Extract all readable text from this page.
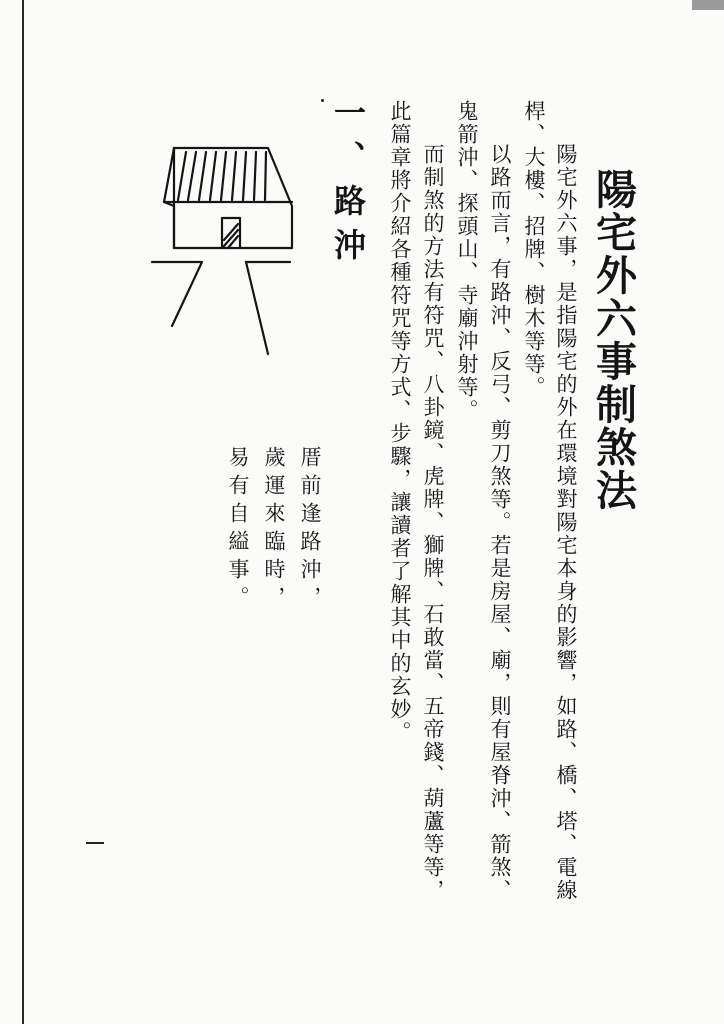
陽宅外六事制煞法
陽宅外六事，是指陽宅的外在環境對陽宅本身的影響，如路、橋、塔、電線
桿、大樓、招牌、樹木等等。
以路而言，有路沖、反弓、剪刀煞等。若是房屋、廟，則有屋脊沖、箭煞、
鬼箭沖、探頭山、寺廟沖射等。
而制煞的方法有符咒、八卦鏡、虎牌、獅牌、石敢當、五帝錢、葫蘆等等，
此篇章將介紹各種符咒等方式、步驟，讓讀者了解其中的玄妙。
一、路沖
厝前逢路沖，
歲運來臨時，
易有自縊事。
